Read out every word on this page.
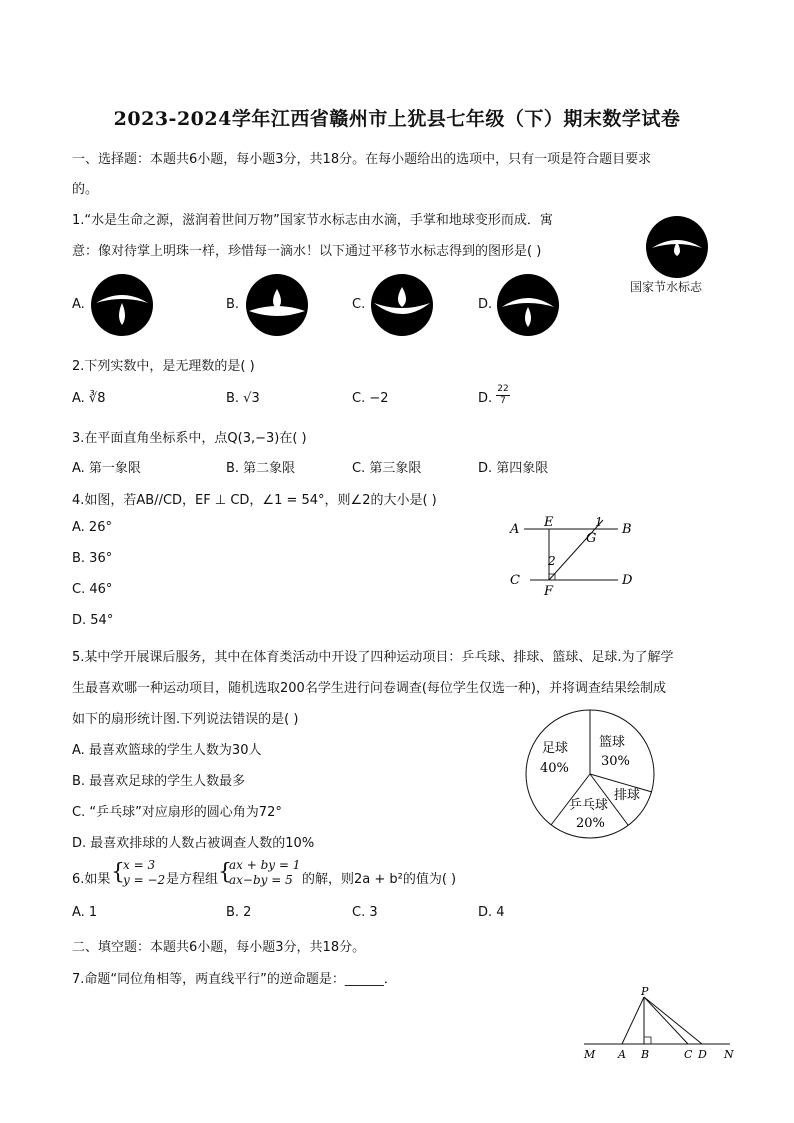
2023-2024学年江西省赣州市上犹县七年级（下）期末数学试卷
一、选择题：本题共6小题，每小题3分，共18分。在每小题给出的选项中，只有一项是符合题目要求
的。
1.“水是生命之源，滋润着世间万物”国家节水标志由水滴，手掌和地球变形而成．寓
意：像对待掌上明珠一样，珍惜每一滴水！以下通过平移节水标志得到的图形是( )
国家节水标志
A.	B.	C.	D.
2.下列实数中，是无理数的是( )
A. ∛8	B. √3	C. −2	D. $\frac{22}{7}$
3.在平面直角坐标系中，点Q(3,−3)在( )
A. 第一象限	B. 第二象限	C. 第三象限	D. 第四象限
4.如图，若AB//CD，EF ⊥ CD，∠1 = 54°，则∠2的大小是( )
A. 26°
B. 36°
C. 46°
D. 54°
A E	1 B
G
2
C
F
D
5.某中学开展课后服务，其中在体育类活动中开设了四种运动项目：乒乓球、排球、篮球、足球.为了解学
生最喜欢哪一种运动项目，随机选取200名学生进行问卷调查(每位学生仅选一种)，并将调查结果绘制成
如下的扇形统计图.下列说法错误的是( )
A. 最喜欢篮球的学生人数为30人
B. 最喜欢足球的学生人数最多
C. “乒乓球”对应扇形的圆心角为72°
D. 最喜欢排球的人数占被调查人数的10%
足球
40%
篮球
30%
排球
乒乓球
20%
6.如果 {
x = 3
y = −2 是方程组 {
ax + by = 1
ax−by = 5 的解，则2a + b²的值为( )
A. 1	B. 2	C. 3	D. 4
二、填空题：本题共6小题，每小题3分，共18分。
7.命题“同位角相等，两直线平行”的逆命题是：______．
P
M A B	C D N
